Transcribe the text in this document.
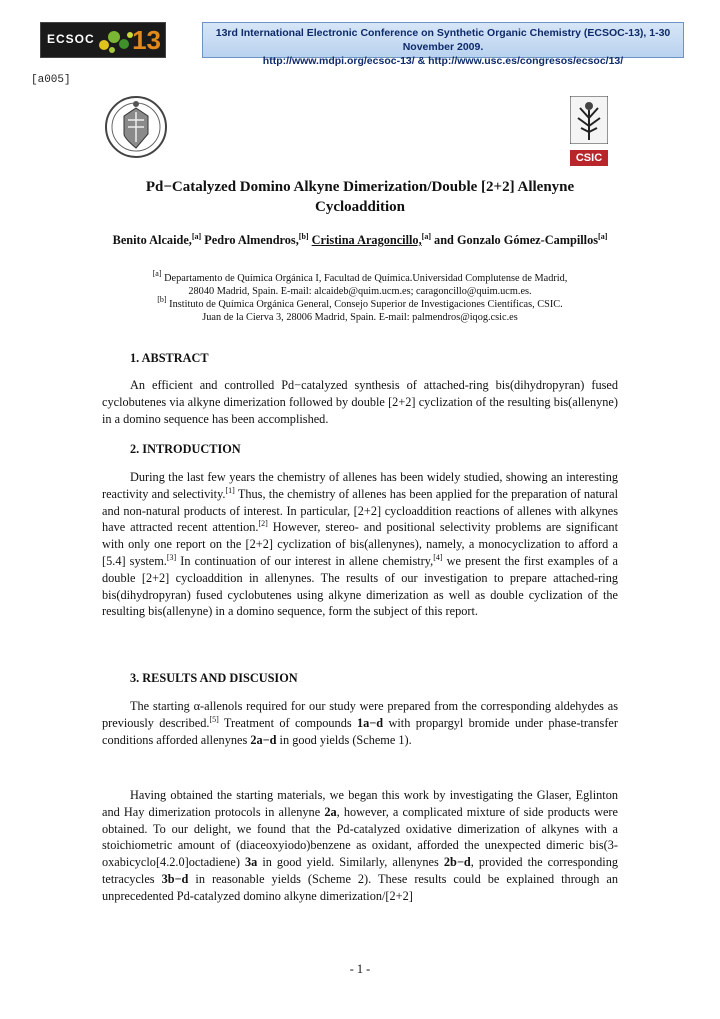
ECSOC 13	13rd International Electronic Conference on Synthetic Organic Chemistry (ECSOC-13), 1-30 November 2009.
http://www.mdpi.org/ecsoc-13/ & http://www.usc.es/congresos/ecsoc/13/
[a005]
CSIC
Pd−Catalyzed Domino Alkyne Dimerization/Double [2+2] Allenyne Cycloaddition
Benito Alcaide,[a] Pedro Almendros,[b] Cristina Aragoncillo,[a] and Gonzalo Gómez-Campillos[a]
[a] Departamento de Química Orgánica I, Facultad de Química.Universidad Complutense de Madrid,
28040 Madrid, Spain. E-mail: alcaideb@quim.ucm.es; caragoncillo@quim.ucm.es.
[b] Instituto de Química Orgánica General, Consejo Superior de Investigaciones Científicas, CSIC.
Juan de la Cierva 3, 28006 Madrid, Spain. E-mail: palmendros@iqog.csic.es
1. ABSTRACT

An efficient and controlled Pd−catalyzed synthesis of attached-ring bis(dihydropyran) fused cyclobutenes via alkyne dimerization followed by double [2+2] cyclization of the resulting bis(allenyne) in a domino sequence has been accomplished.

2. INTRODUCTION

During the last few years the chemistry of allenes has been widely studied, showing an interesting reactivity and selectivity.[1] Thus, the chemistry of allenes has been applied for the preparation of natural and non-natural products of interest. In particular, [2+2] cycloaddition reactions of allenes with alkynes have attracted recent attention.[2] However, stereo- and positional selectivity problems are significant with only one report on the [2+2] cyclization of bis(allenynes), namely, a monocyclization to afford a [5.4] system.[3] In continuation of our interest in allene chemistry,[4] we present the first examples of a double [2+2] cycloaddition in allenynes. The results of our investigation to prepare attached-ring bis(dihydropyran) fused cyclobutenes using alkyne dimerization as well as double cyclization of the resulting bis(allenyne) in a domino sequence, form the subject of this report.

3. RESULTS AND DISCUSION

The starting α-allenols required for our study were prepared from the corresponding aldehydes as previously described.[5] Treatment of compounds 1a−d with propargyl bromide under phase-transfer conditions afforded allenynes 2a−d in good yields (Scheme 1).

Having obtained the starting materials, we began this work by investigating the Glaser, Eglinton and Hay dimerization protocols in allenyne 2a, however, a complicated mixture of side products were obtained. To our delight, we found that the Pd-catalyzed oxidative dimerization of alkynes with a stoichiometric amount of (diaceoxyiodo)benzene as oxidant, afforded the unexpected dimeric bis(3-oxabicyclo[4.2.0]octadiene) 3a in good yield. Similarly, allenynes 2b−d, provided the corresponding tetracycles 3b−d in reasonable yields (Scheme 2). These results could be explained through an unprecedented Pd-catalyzed domino alkyne dimerization/[2+2]

- 1 -
